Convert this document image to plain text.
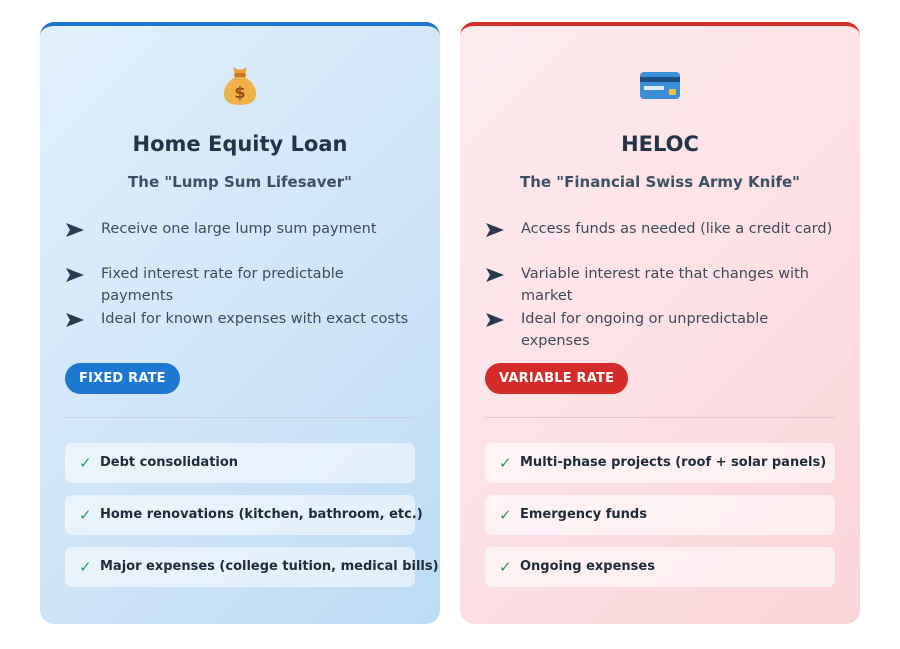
$
Home Equity Loan
The "Lump Sum Lifesaver"
Receive one large lump sum payment
Fixed interest rate for predictable payments
Ideal for known expenses with exact costs
FIXED RATE
✓ Debt consolidation
✓ Home renovations (kitchen, bathroom, etc.)
✓ Major expenses (college tuition, medical bills)
HELOC
The "Financial Swiss Army Knife"
Access funds as needed (like a credit card)
Variable interest rate that changes with market
Ideal for ongoing or unpredictable expenses
VARIABLE RATE
✓ Multi-phase projects (roof + solar panels)
✓ Emergency funds
✓ Ongoing expenses
